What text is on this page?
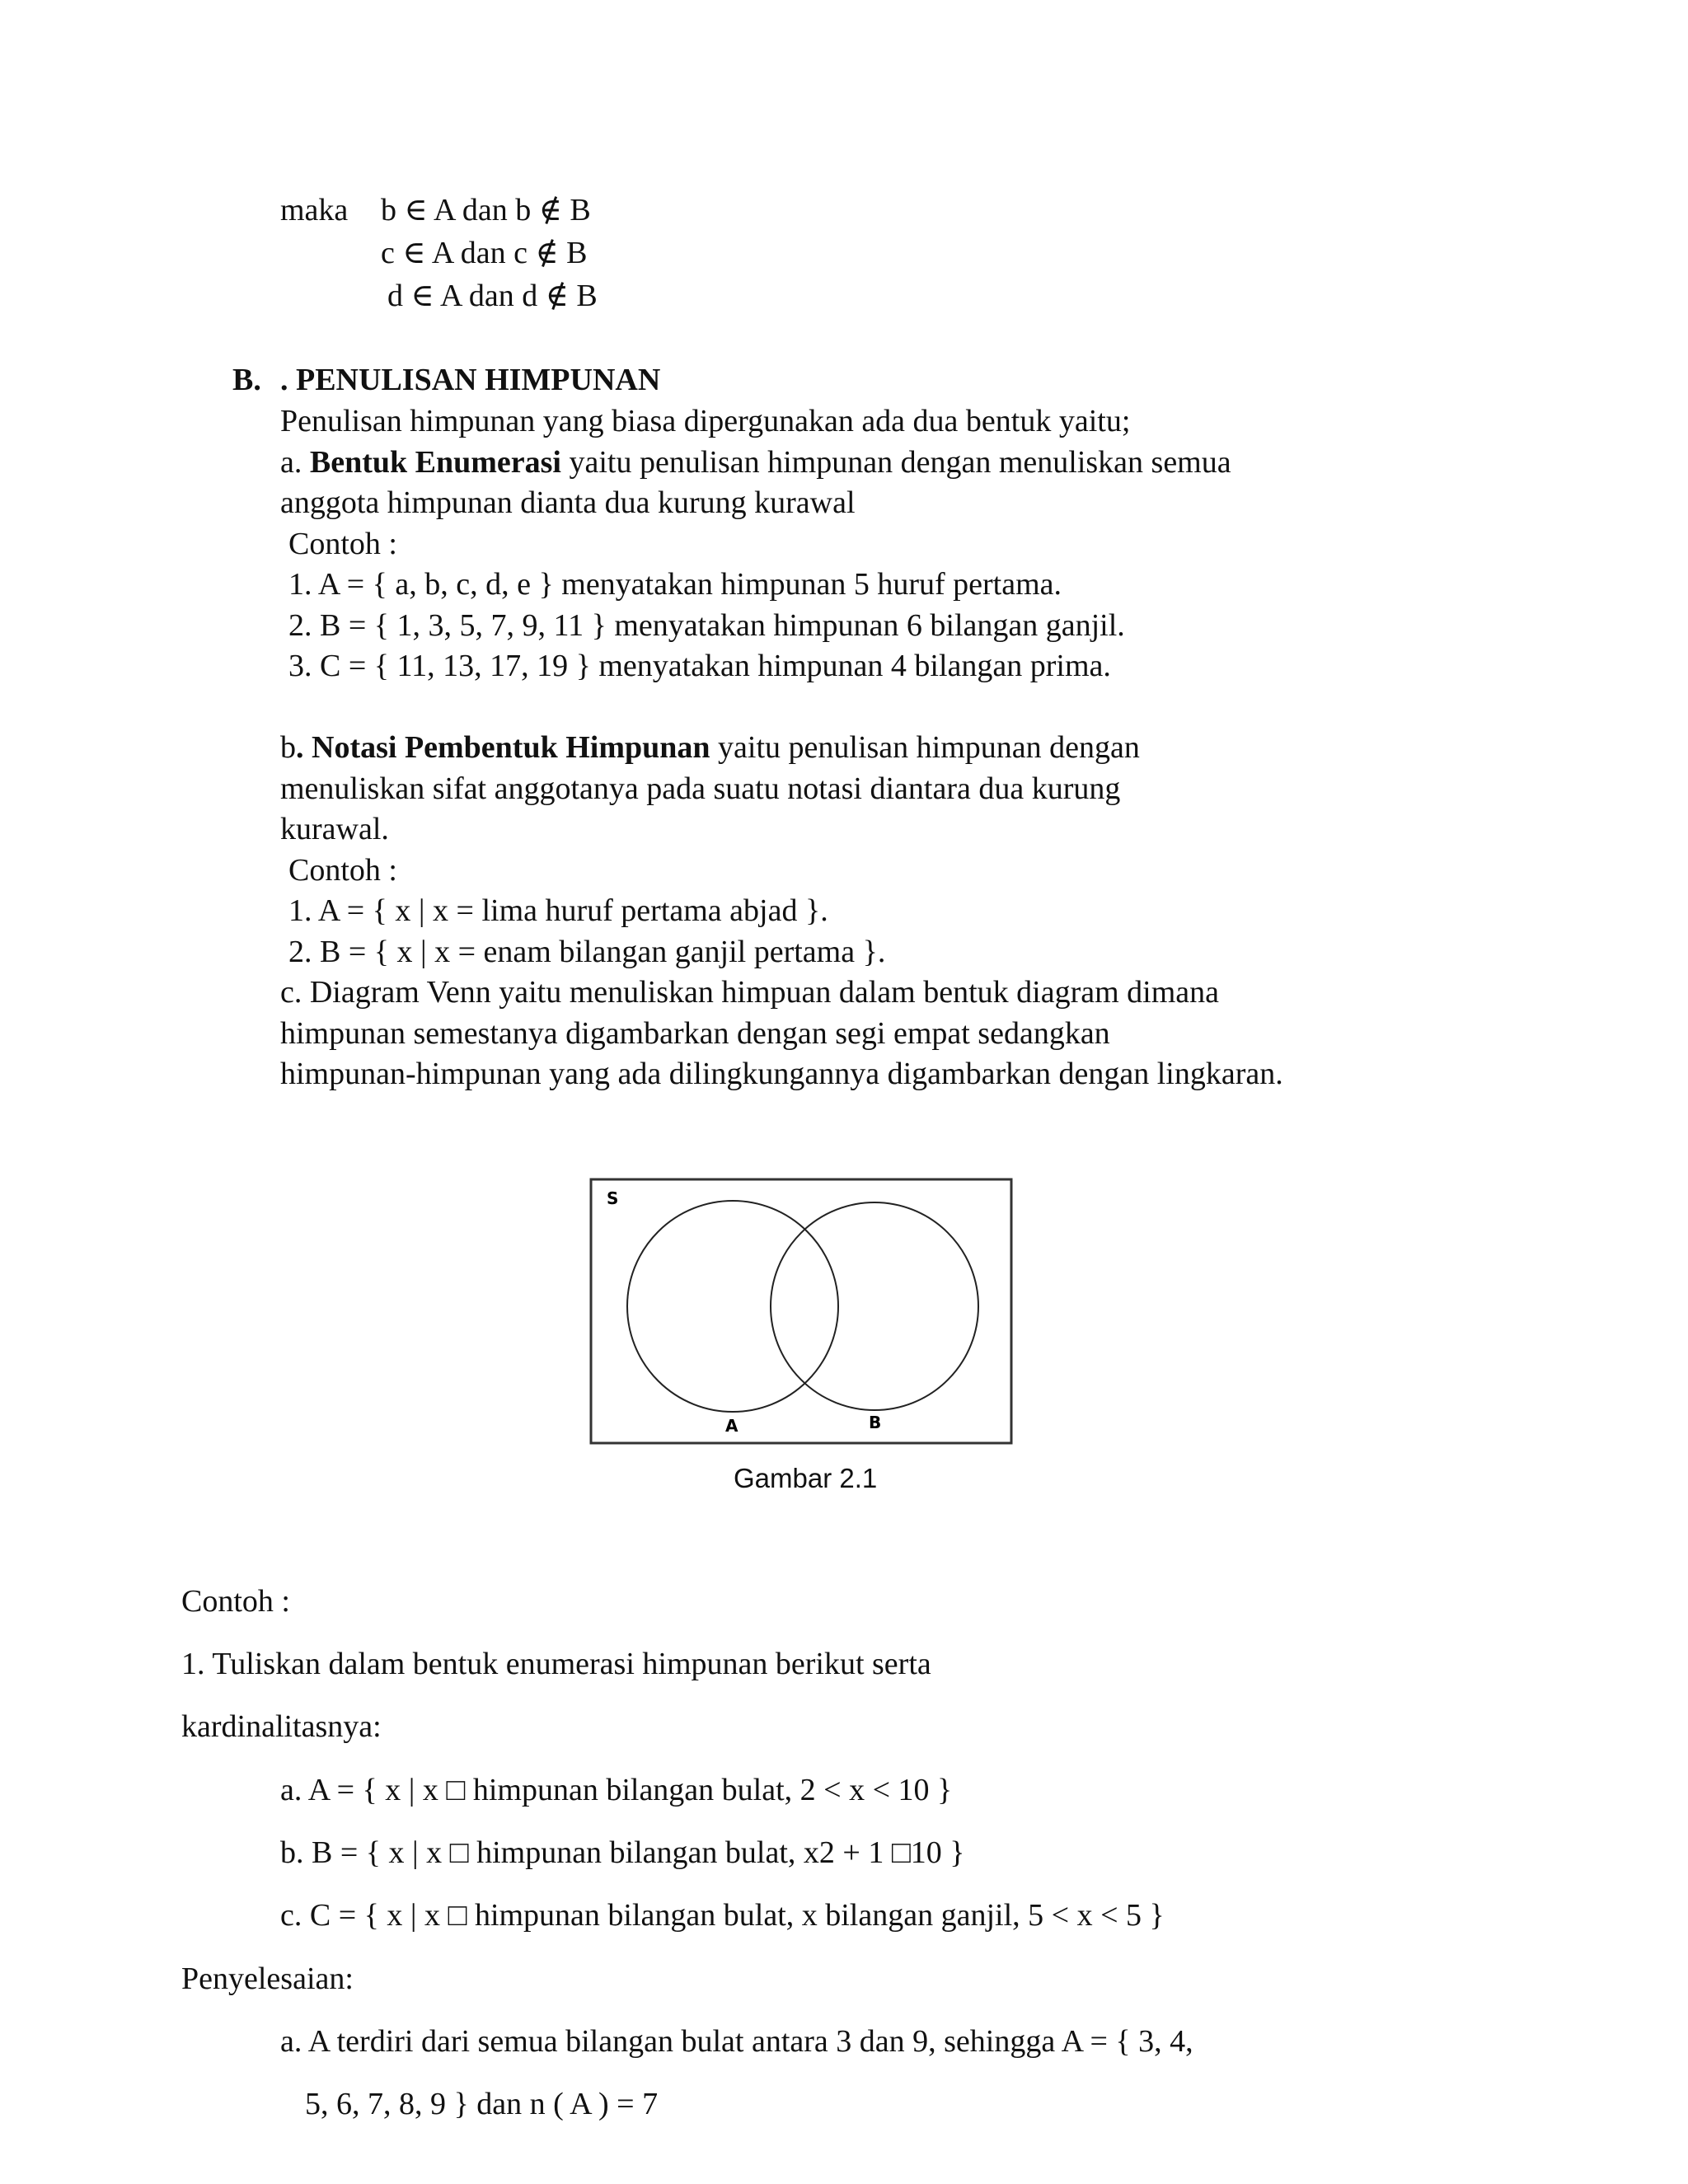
maka b ∈ A dan b ∉ B
c ∈ A dan c ∉ B
d ∈ A dan d ∉ B
B. . PENULISAN HIMPUNAN
Penulisan himpunan yang biasa dipergunakan ada dua bentuk yaitu;
a. Bentuk Enumerasi yaitu penulisan himpunan dengan menuliskan semua
anggota himpunan dianta dua kurung kurawal
Contoh :
1. A = { a, b, c, d, e } menyatakan himpunan 5 huruf pertama.
2. B = { 1, 3, 5, 7, 9, 11 } menyatakan himpunan 6 bilangan ganjil.
3. C = { 11, 13, 17, 19 } menyatakan himpunan 4 bilangan prima.
b. Notasi Pembentuk Himpunan yaitu penulisan himpunan dengan
menuliskan sifat anggotanya pada suatu notasi diantara dua kurung
kurawal.
Contoh :
1. A = { x | x = lima huruf pertama abjad }.
2. B = { x | x = enam bilangan ganjil pertama }.
c. Diagram Venn yaitu menuliskan himpuan dalam bentuk diagram dimana
himpunan semestanya digambarkan dengan segi empat sedangkan
himpunan-himpunan yang ada dilingkungannya digambarkan dengan lingkaran.
S
A	B
Gambar 2.1
Contoh :
1. Tuliskan dalam bentuk enumerasi himpunan berikut serta
kardinalitasnya:
a. A = { x | x □ himpunan bilangan bulat, 2 < x < 10 }
b. B = { x | x □ himpunan bilangan bulat, x2 + 1 □10 }
c. C = { x | x □ himpunan bilangan bulat, x bilangan ganjil, 5 < x < 5 }
Penyelesaian:
a. A terdiri dari semua bilangan bulat antara 3 dan 9, sehingga A = { 3, 4,
5, 6, 7, 8, 9 } dan n ( A ) = 7
